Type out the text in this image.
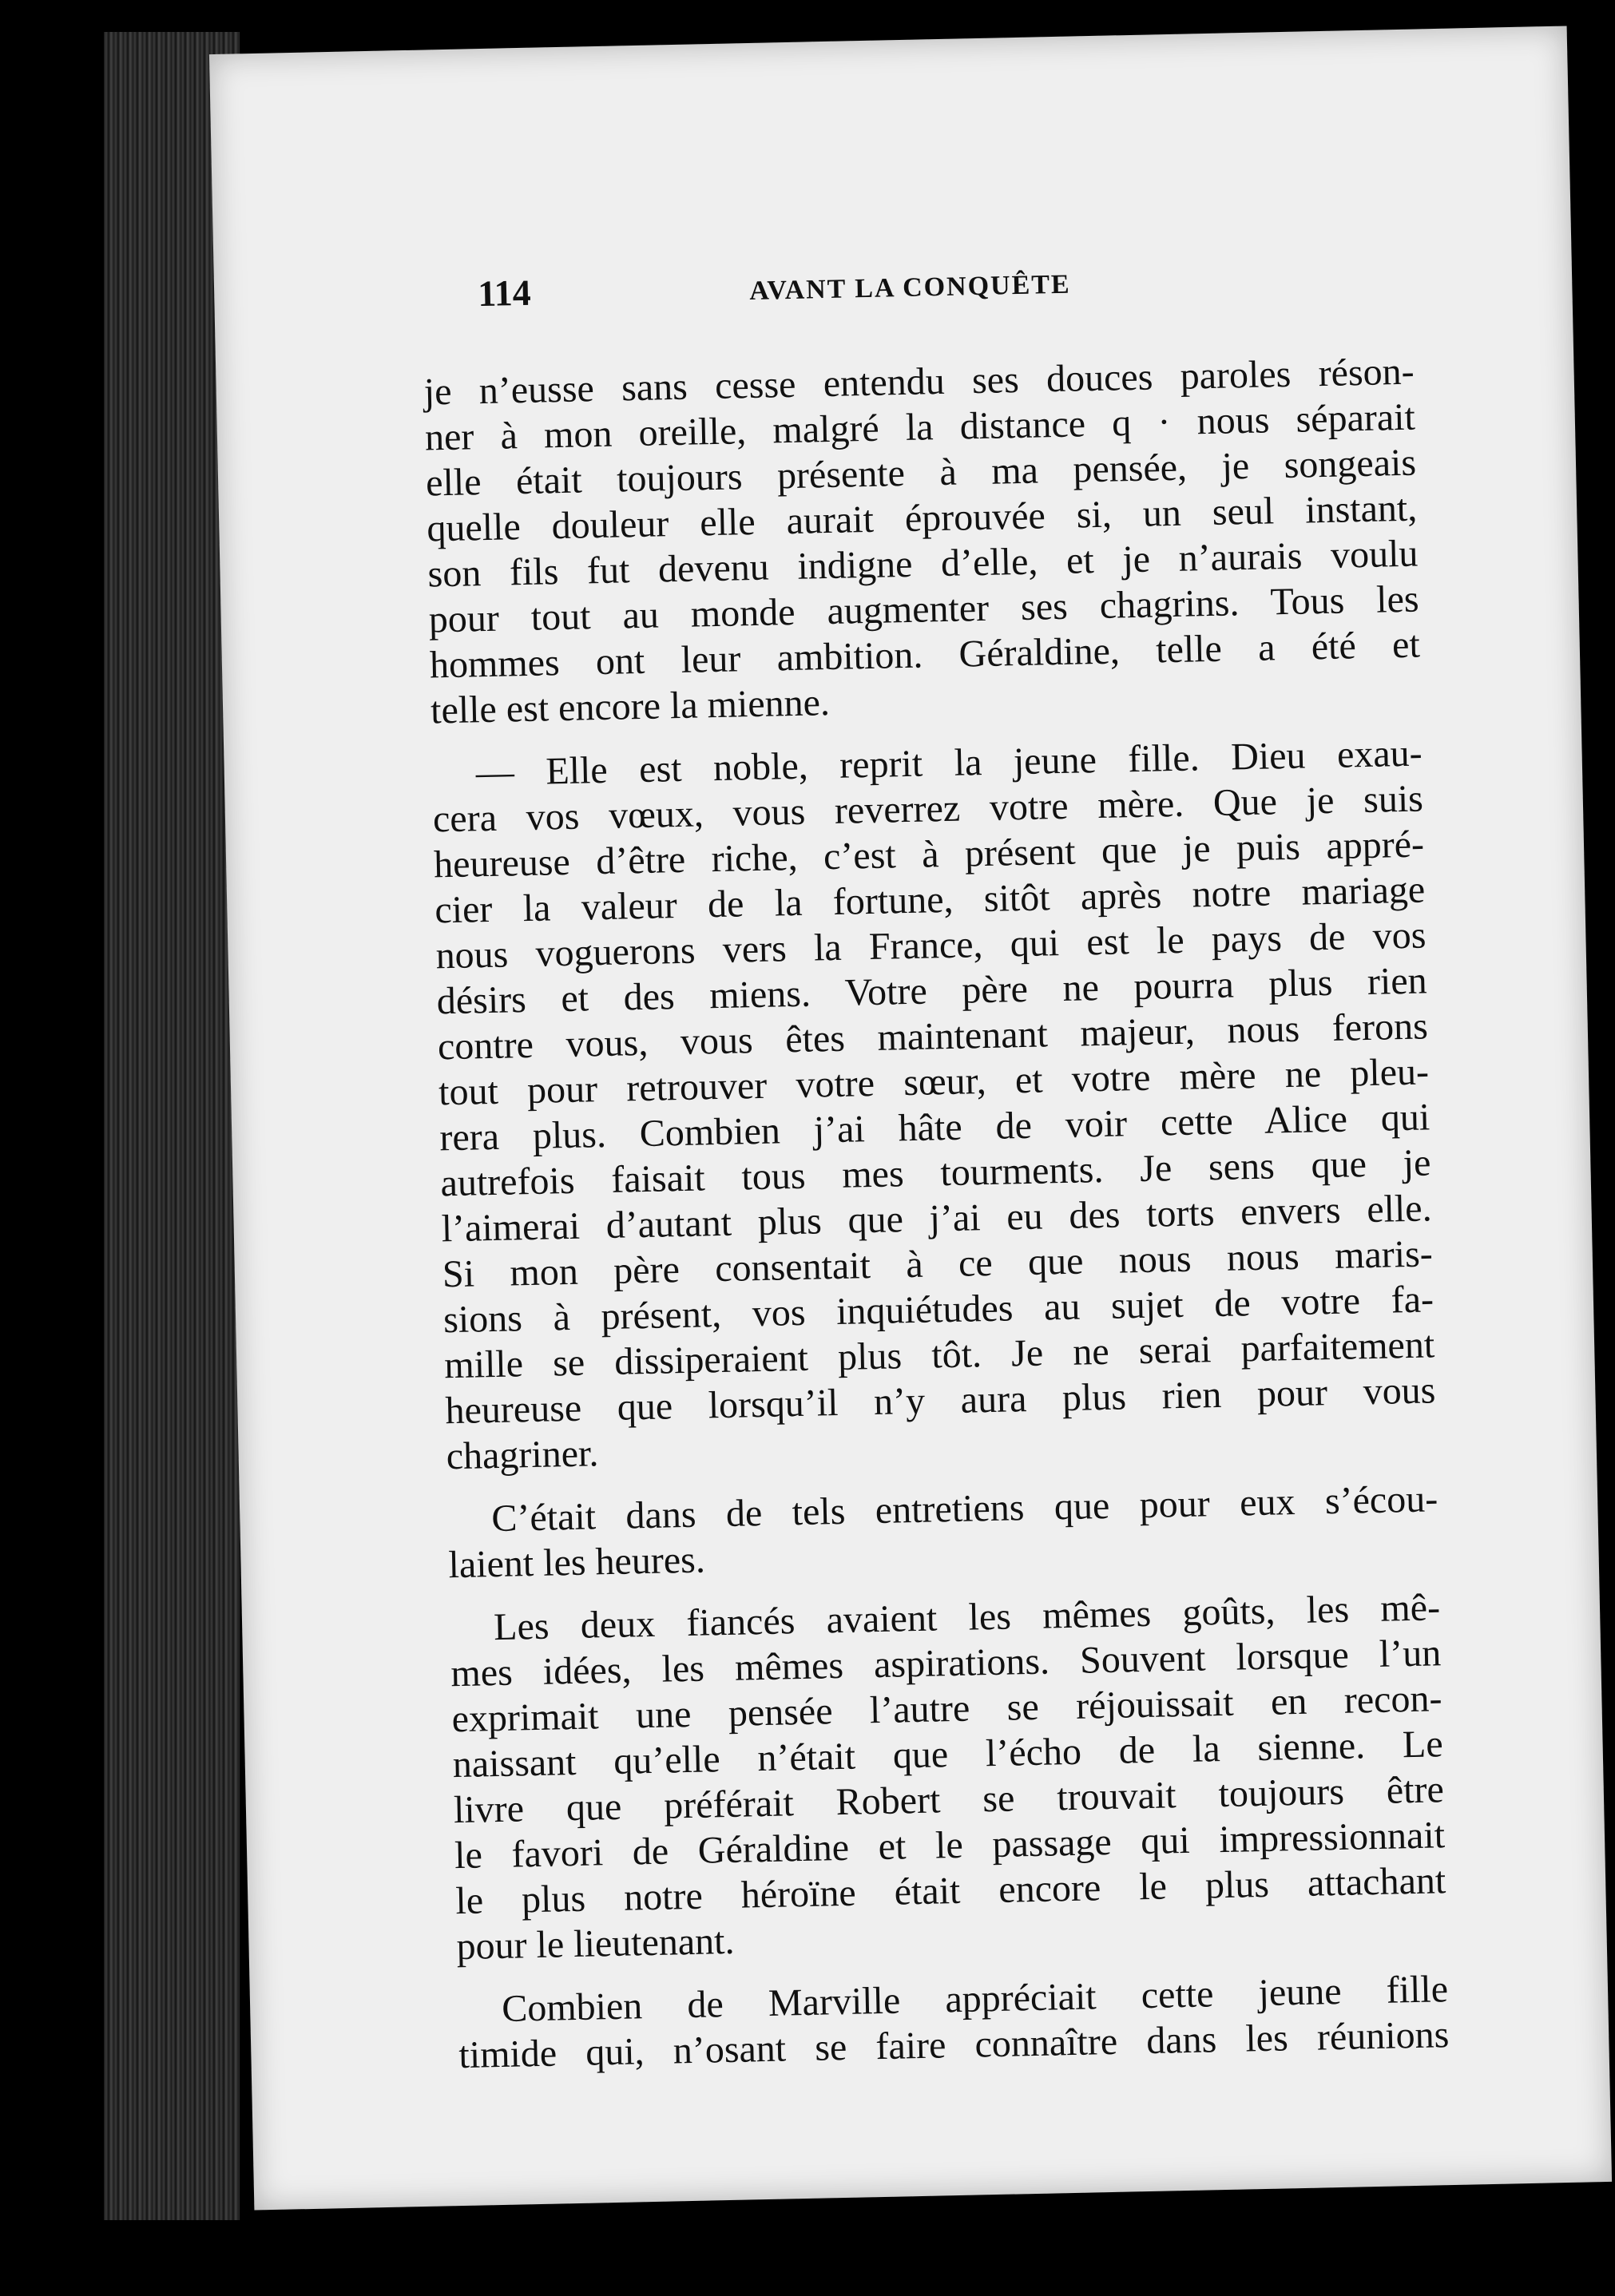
114	AVANT LA CONQUÊTE
je n’eusse sans cesse entendu ses douces paroles réson-
ner à mon oreille, malgré la distance q · nous séparait
elle était toujours présente à ma pensée, je songeais
quelle douleur elle aurait éprouvée si, un seul instant,
son fils fut devenu indigne d’elle, et je n’aurais voulu
pour tout au monde augmenter ses chagrins. Tous les
hommes ont leur ambition. Géraldine, telle a été et
telle est encore la mienne.
— Elle est noble, reprit la jeune fille. Dieu exau-
cera vos vœux, vous reverrez votre mère. Que je suis
heureuse d’être riche, c’est à présent que je puis appré-
cier la valeur de la fortune, sitôt après notre mariage
nous voguerons vers la France, qui est le pays de vos
désirs et des miens. Votre père ne pourra plus rien
contre vous, vous êtes maintenant majeur, nous ferons
tout pour retrouver votre sœur, et votre mère ne pleu-
rera plus. Combien j’ai hâte de voir cette Alice qui
autrefois faisait tous mes tourments. Je sens que je
l’aimerai d’autant plus que j’ai eu des torts envers elle.
Si mon père consentait à ce que nous nous maris-
sions à présent, vos inquiétudes au sujet de votre fa-
mille se dissiperaient plus tôt. Je ne serai parfaitement
heureuse que lorsqu’il n’y aura plus rien pour vous
chagriner.
C’était dans de tels entretiens que pour eux s’écou-
laient les heures.
Les deux fiancés avaient les mêmes goûts, les mê-
mes idées, les mêmes aspirations. Souvent lorsque l’un
exprimait une pensée l’autre se réjouissait en recon-
naissant qu’elle n’était que l’écho de la sienne. Le
livre que préférait Robert se trouvait toujours être
le favori de Géraldine et le passage qui impressionnait
le plus notre héroïne était encore le plus attachant
pour le lieutenant.
Combien de Marville appréciait cette jeune fille
timide qui, n’osant se faire connaître dans les réunions
